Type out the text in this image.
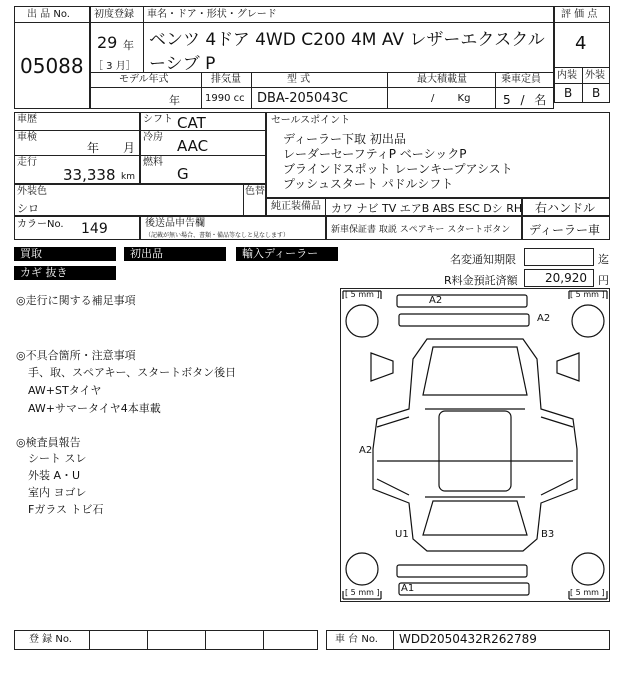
出 品 No.
05088
初度登録
29 年
［ 3 月］
車名・ドア・形状・グレード
ベンツ 4ドア 4WD C200 4M AV レザーエクスクル
ーシブ P
モデル年式	排気量	型 式	最大積載量	乗車定員
年	1990 cc DBA-205043C	/ Kg	5 / 名
評 価 点
4
内装 外装
B B
車歴
車検
年 月
走行
33,338 km
シフト CAT
冷房 AAC
燃料
G
セールスポイント
ディーラー下取 初出品
レーダーセーフティP ベーシックP
ブラインドスポット レーンキープアシスト
プッシュスタート パドルシフト
外装色
シロ
色替
純正装備品 カワ ナビ TV エアB ABS ESC Dシ RH 右ハンドル
カラーNo. 149	後送品申告欄
（記載が無い場合、書類・備品等なしと見なします）
新車保証書 取説 スペアキー スタートボタン ディーラー車
買取	初出品	輸入ディーラー
カギ 抜き
名変通知期限	迄
R料金預託済額 20,920 円
◎走行に関する補足事項
◎不具合箇所・注意事項
手、取、スペアキー、スタートボタン後日
AW+STタイヤ
AW+サマータイヤ4本車載
◎検査員報告
シート スレ
外装 A・U
室内 ヨゴレ
Fガラス トビ石
[ 5 mm ]	[ 5 mm ]
[ 5 mm ]	[ 5 mm ]
A2
A2
A2
U1	B3
A1
登 録 No.	車 台 No. WDD2050432R262789
